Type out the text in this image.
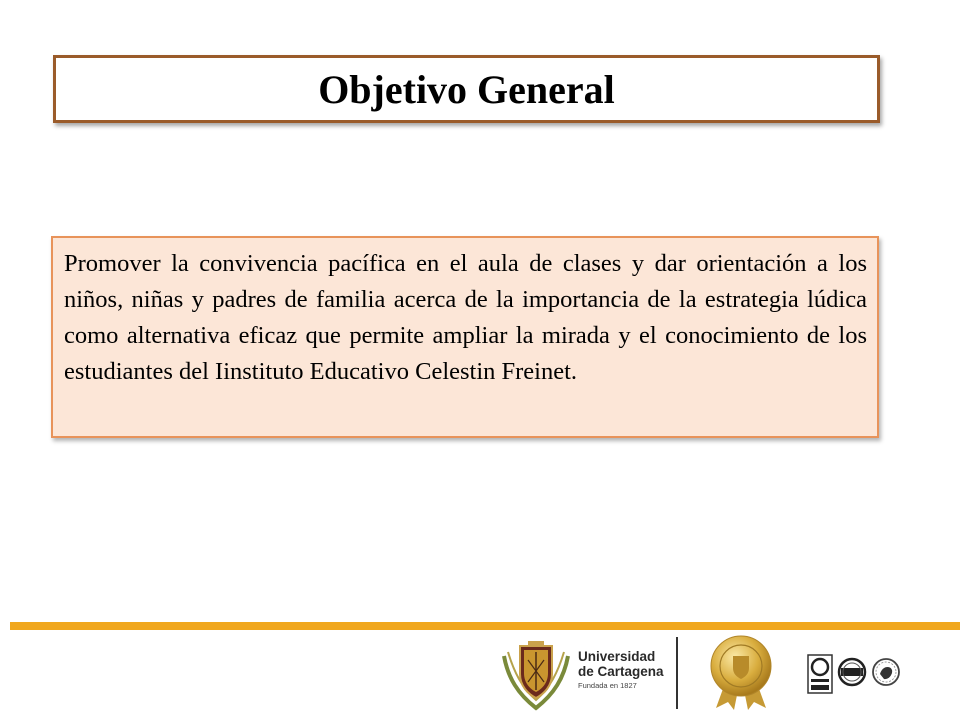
Objetivo General

Promover la convivencia pacífica en el aula de clases y dar orientación a los niños, niñas y padres de familia acerca de la importancia de la estrategia lúdica como alternativa eficaz que permite ampliar la mirada y el conocimiento de los estudiantes del Iinstituto Educativo Celestin Freinet.

Universidad
de Cartagena
Fundada en 1827
